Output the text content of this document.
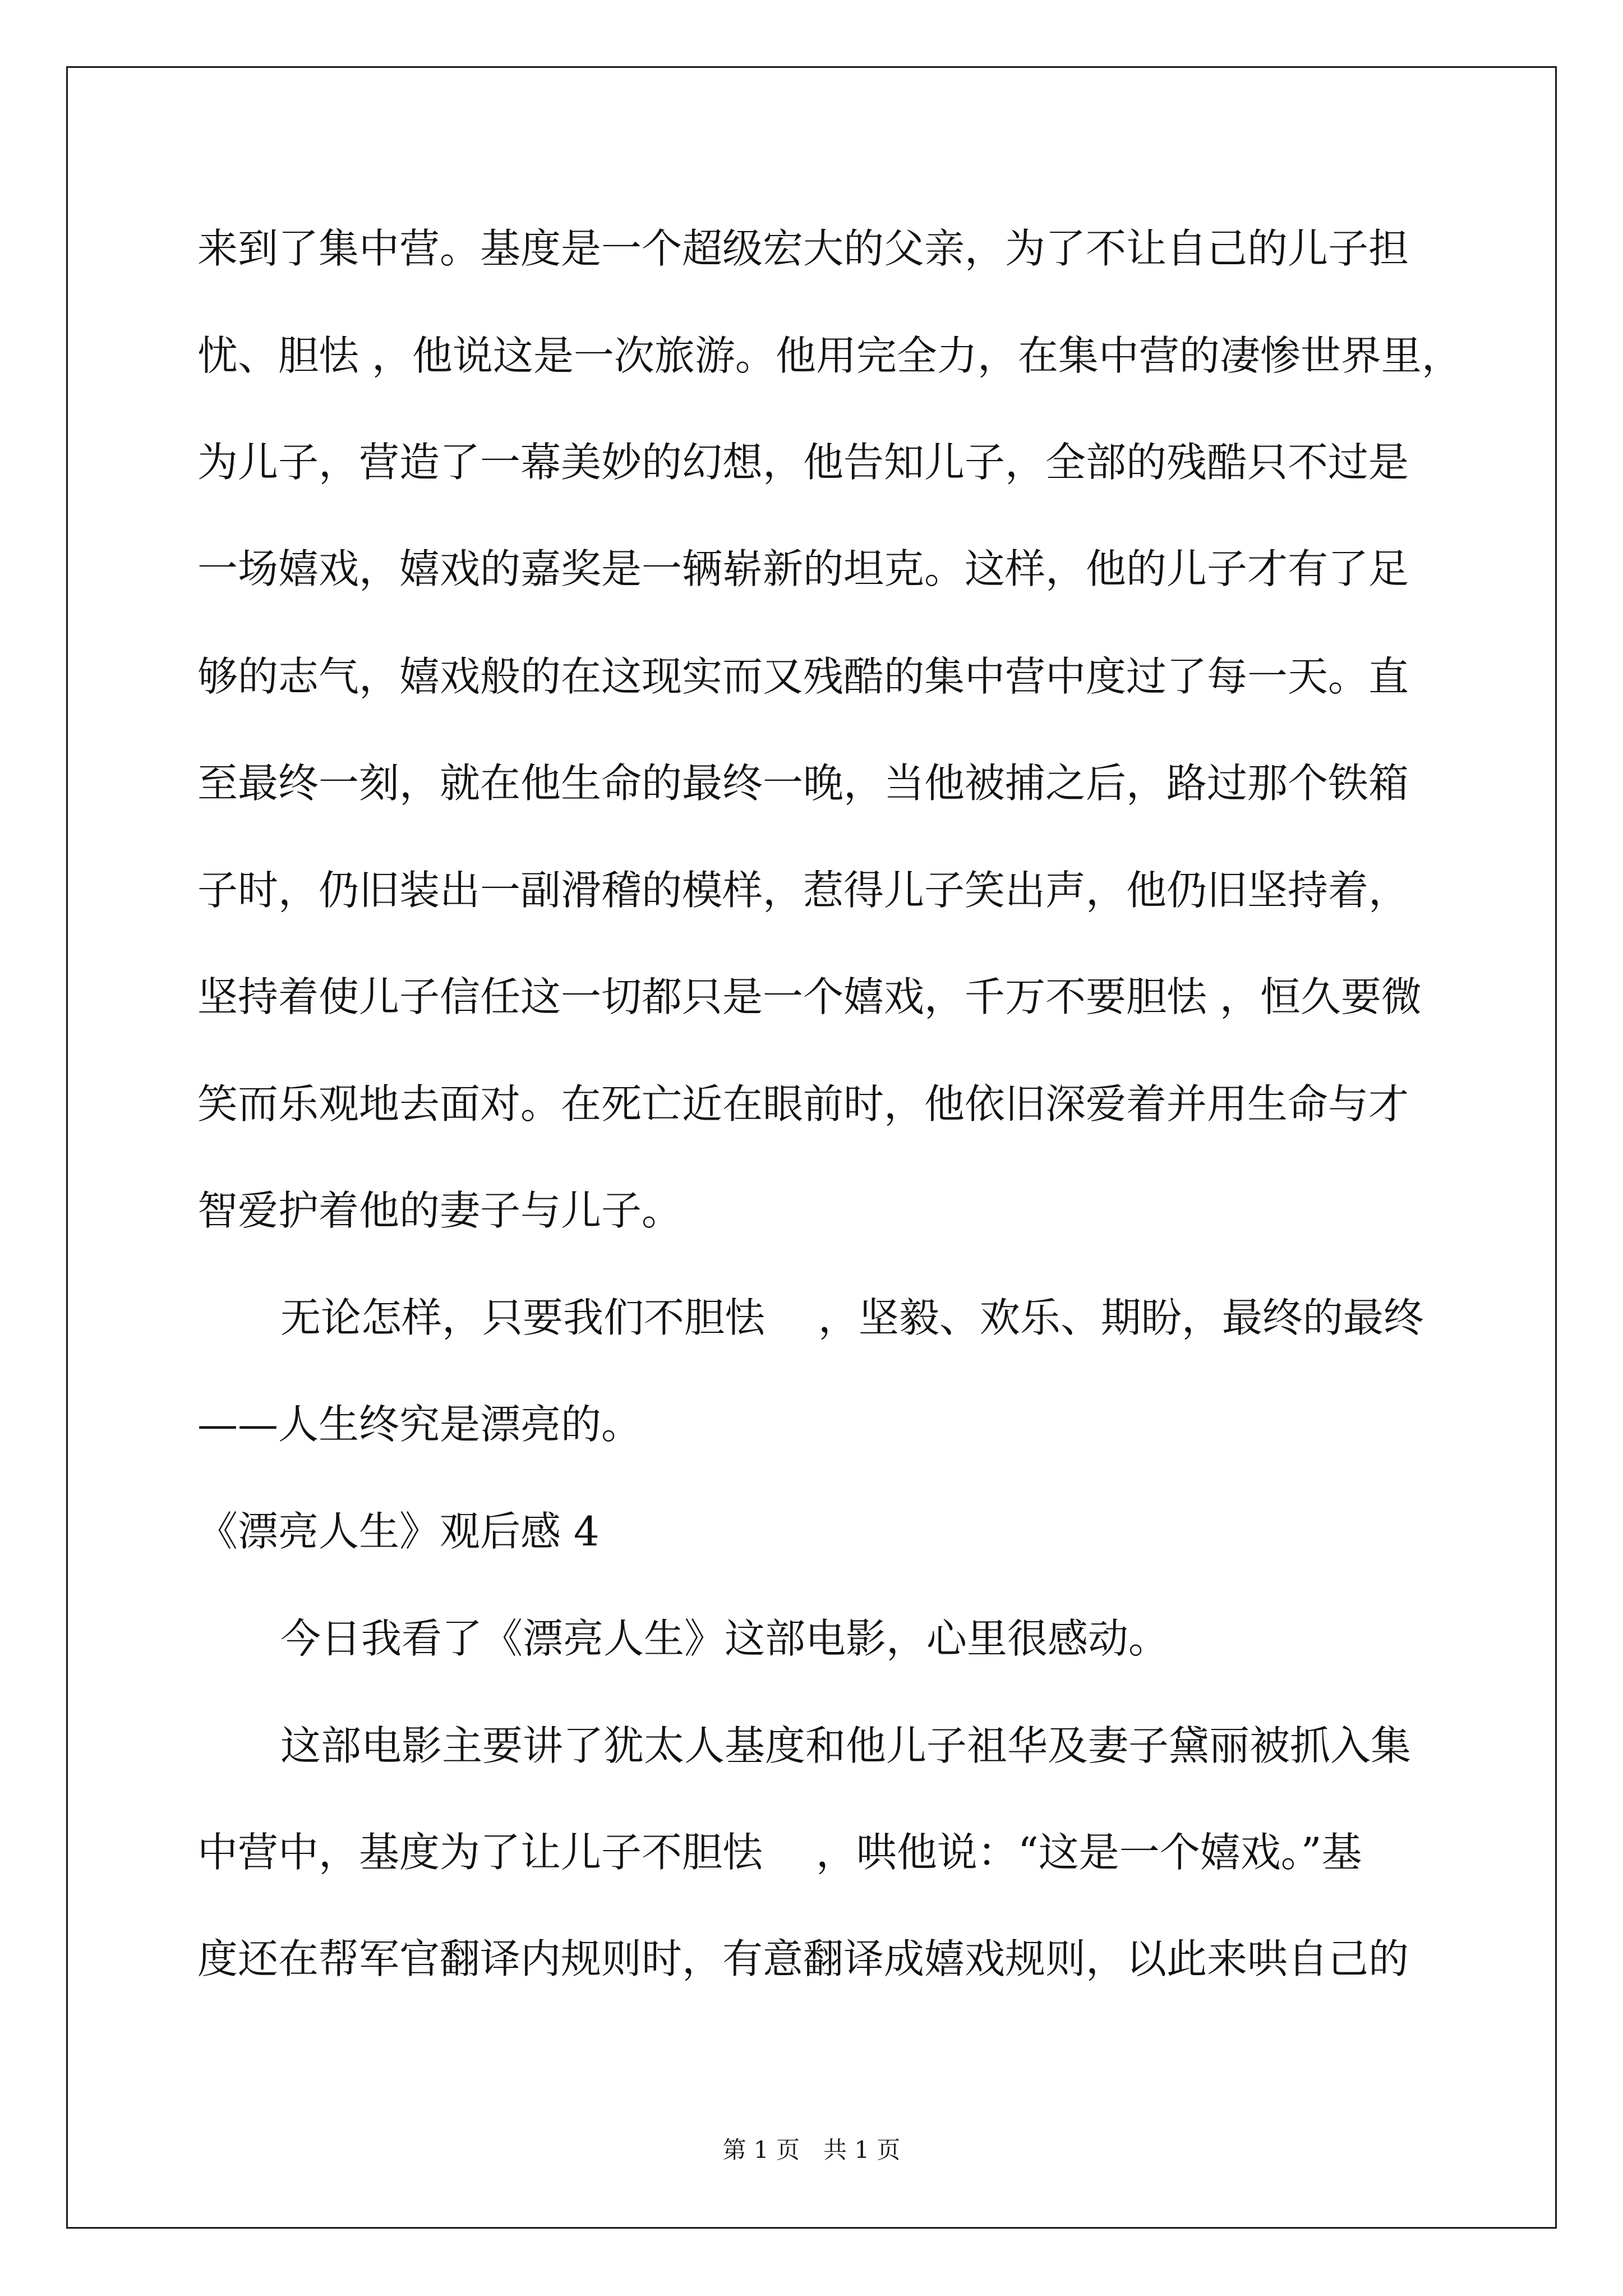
来到了集中营。基度是一个超级宏大的父亲，为了不让自己的儿子担
忧、胆怯 ，他说这是一次旅游。他用完全力，在集中营的凄惨世界里，
为儿子，营造了一幕美妙的幻想，他告知儿子，全部的残酷只不过是
一场嬉戏，嬉戏的嘉奖是一辆崭新的坦克。这样，他的儿子才有了足
够的志气，嬉戏般的在这现实而又残酷的集中营中度过了每一天。直
至最终一刻，就在他生命的最终一晚，当他被捕之后，路过那个铁箱
子时，仍旧装出一副滑稽的模样，惹得儿子笑出声，他仍旧坚持着，
坚持着使儿子信任这一切都只是一个嬉戏，千万不要胆怯 ，恒久要微
笑而乐观地去面对。在死亡近在眼前时，他依旧深爱着并用生命与才
智爱护着他的妻子与儿子。
无论怎样，只要我们不胆怯　 ，坚毅、欢乐、期盼，最终的最终
——人生终究是漂亮的。
《漂亮人生》观后感 4
今日我看了《漂亮人生》这部电影，心里很感动。
这部电影主要讲了犹太人基度和他儿子祖华及妻子黛丽被抓入集
中营中，基度为了让儿子不胆怯　 ，哄他说：“这是一个嬉戏。”基
度还在帮军官翻译内规则时，有意翻译成嬉戏规则，以此来哄自己的
第 1 页　共 1 页
